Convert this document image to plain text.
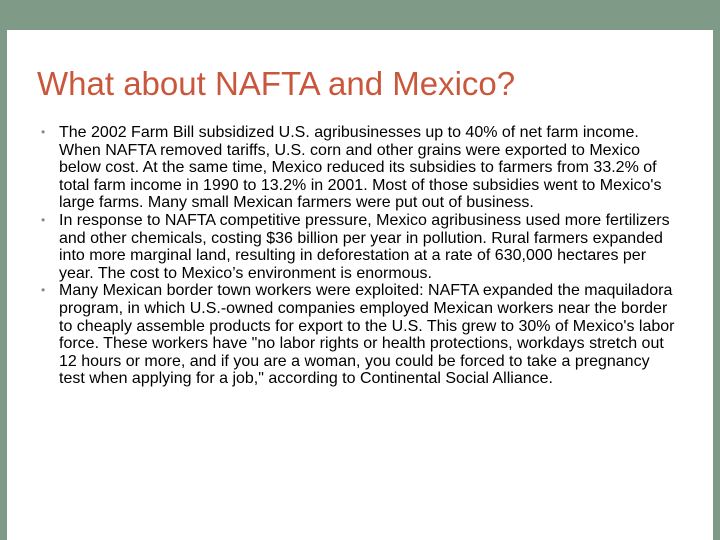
What about NAFTA and Mexico?
• The 2002 Farm Bill subsidized U.S. agribusinesses up to 40% of net farm income. When NAFTA removed tariffs, U.S. corn and other grains were exported to Mexico below cost. At the same time, Mexico reduced its subsidies to farmers from 33.2% of total farm income in 1990 to 13.2% in 2001. Most of those subsidies went to Mexico's large farms. Many small Mexican farmers were put out of business.
• In response to NAFTA competitive pressure, Mexico agribusiness used more fertilizers and other chemicals, costing $36 billion per year in pollution. Rural farmers expanded into more marginal land, resulting in deforestation at a rate of 630,000 hectares per year. The cost to Mexico’s environment is enormous.
• Many Mexican border town workers were exploited: NAFTA expanded the maquiladora program, in which U.S.-owned companies employed Mexican workers near the border to cheaply assemble products for export to the U.S. This grew to 30% of Mexico's labor force. These workers have "no labor rights or health protections, workdays stretch out 12 hours or more, and if you are a woman, you could be forced to take a pregnancy test when applying for a job," according to Continental Social Alliance.
